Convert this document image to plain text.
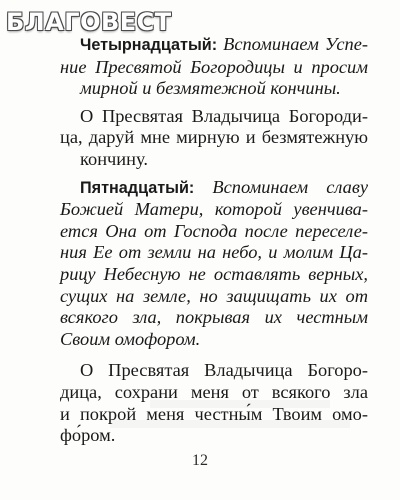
БЛАГОВЕСТ
Четырнадцатый: Вспоминаем Успе-
ние Пресвятой Богородицы и просим
мирной и безмятежной кончины.
О Пресвятая Владычица Богороди-
ца, даруй мне мирную и безмятежную
кончину.
Пятнадцатый: Вспоминаем славу
Божией Матери, которой увенчива-
ется Она от Господа после переселе-
ния Ее от земли на небо, и молим Ца-
рицу Небесную не оставлять верных,
сущих на земле, но защищать их от
всякого зла, покрывая их честным
Своим омофором.
О Пресвятая Владычица Богоро-
дица, сохрани меня от всякого зла
и покрой меня честны́м Твоим омо-
фо́ром.
12
